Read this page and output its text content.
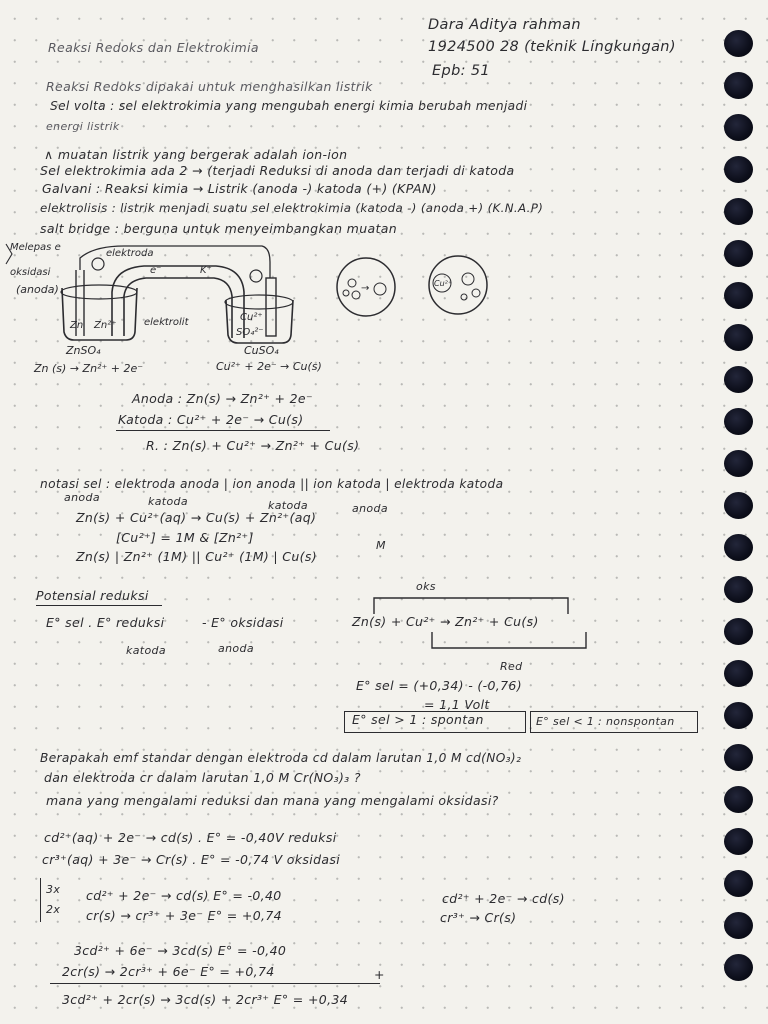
Dara Aditya rahman
1924500 28 (teknik Lingkungan)
Epb: 51
Reaksi Redoks dan Elektrokimia
Reaksi Redoks dipakai untuk menghasilkan listrik
Sel volta : sel elektrokimia yang mengubah energi kimia berubah menjadi
energi listrik
∧ muatan listrik yang bergerak adalah ion-ion
Sel elektrokimia ada 2 → (terjadi Reduksi di anoda dan terjadi di katoda
Galvani : Reaksi kimia → Listrik (anoda -) katoda (+) (KPAN)
elektrolisis : listrik menjadi suatu sel elektrokimia (katoda -) (anoda +) (K.N.A.P)
salt bridge : berguna untuk menyeimbangkan muatan
Melepas e
oksidasi
(anoda)
elektroda
Zn Zn²⁺	elektrolit
e⁻	K⁺
SO₄²⁻
Cu²⁺
ZnSO₄	CuSO₄
Zn (s) → Zn²⁺ + 2e⁻	Cu²⁺ + 2e⁻ → Cu(s)
→	Cu²⁺
Anoda : Zn(s) → Zn²⁺ + 2e⁻
Katoda : Cu²⁺ + 2e⁻ → Cu(s)
R. : Zn(s) + Cu²⁺ → Zn²⁺ + Cu(s)
notasi sel : elektroda anoda | ion anoda || ion katoda | elektroda katoda
anoda	katoda	katoda	anoda
Zn(s) + Cu²⁺(aq) → Cu(s) + Zn²⁺(aq)
[Cu²⁺] = 1M & [Zn²⁺]
Zn(s) | Zn²⁺ (1M) || Cu²⁺ (1M) | Cu(s)
M
Potensial reduksi
E° sel . E° reduksi	- E° oksidasi
katoda	anoda
oks
Zn(s) + Cu²⁺ → Zn²⁺ + Cu(s)
Red
E° sel = (+0,34) - (-0,76)
= 1,1 Volt
E° sel > 1 : spontan	E° sel < 1 : nonspontan
Berapakah emf standar dengan elektroda cd dalam larutan 1,0 M cd(NO₃)₂
dan elektroda cr dalam larutan 1,0 M Cr(NO₃)₃ ?
mana yang mengalami reduksi dan mana yang mengalami oksidasi?
cd²⁺(aq) + 2e⁻ → cd(s) . E° = -0,40V reduksi
cr³⁺(aq) + 3e⁻ → Cr(s) . E° = -0,74 V oksidasi
3x
2x
cd²⁺ + 2e⁻ → cd(s) E° = -0,40
cr(s) → cr³⁺ + 3e⁻ E° = +0,74
cd²⁺ + 2e⁻ → cd(s)
cr³⁺ → Cr(s)
3cd²⁺ + 6e⁻ → 3cd(s) E° = -0,40
2cr(s) → 2cr³⁺ + 6e⁻ E° = +0,74	+
3cd²⁺ + 2cr(s) → 3cd(s) + 2cr³⁺ E° = +0,34
